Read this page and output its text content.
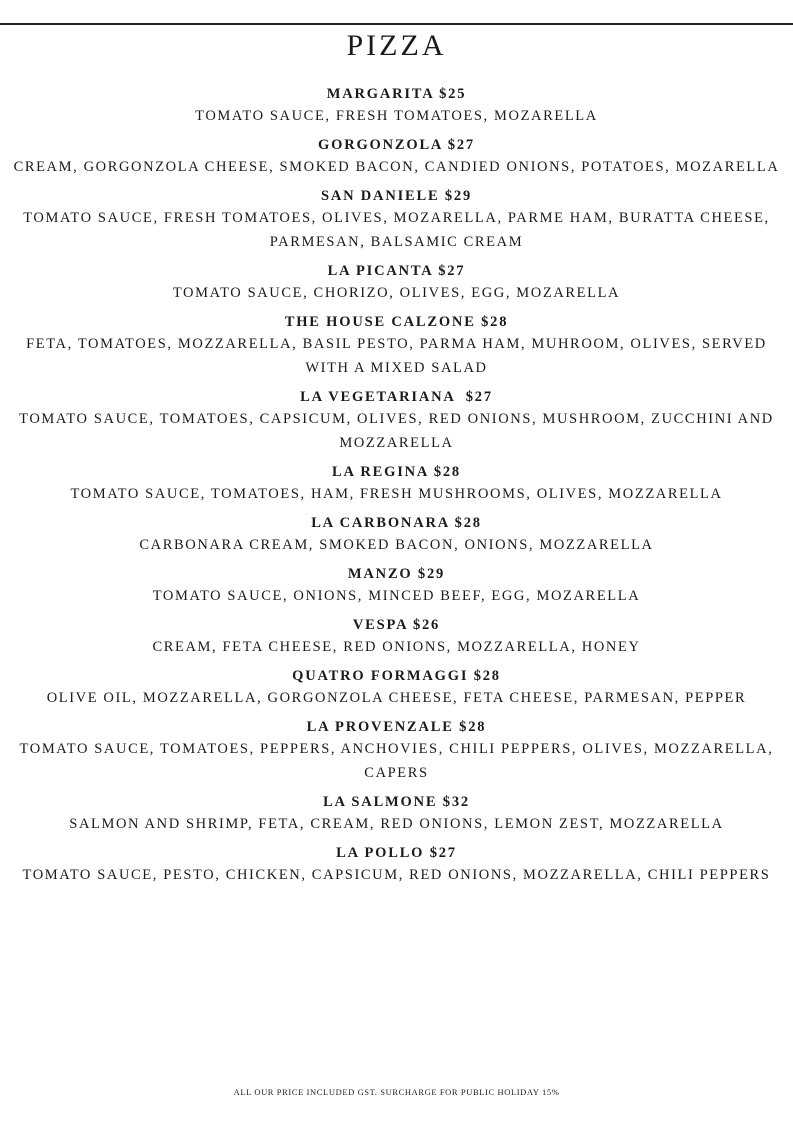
PIZZA
MARGARITA $25
TOMATO SAUCE, FRESH TOMATOES, MOZARELLA
GORGONZOLA $27
CREAM, GORGONZOLA CHEESE, SMOKED BACON, CANDIED ONIONS, POTATOES, MOZARELLA
SAN DANIELE $29
TOMATO SAUCE, FRESH TOMATOES, OLIVES, MOZARELLA, PARME HAM, BURATTA CHEESE, PARMESAN, BALSAMIC CREAM
LA PICANTA $27
TOMATO SAUCE, CHORIZO, OLIVES, EGG, MOZARELLA
THE HOUSE CALZONE $28
FETA, TOMATOES, MOZZARELLA, BASIL PESTO, PARMA HAM, MUHROOM, OLIVES, SERVED WITH A MIXED SALAD
LA VEGETARIANA  $27
TOMATO SAUCE, TOMATOES, CAPSICUM, OLIVES, RED ONIONS, MUSHROOM, ZUCCHINI AND MOZZARELLA
LA REGINA $28
TOMATO SAUCE, TOMATOES, HAM, FRESH MUSHROOMS, OLIVES, MOZZARELLA
LA CARBONARA $28
CARBONARA CREAM, SMOKED BACON, ONIONS, MOZZARELLA
MANZO $29
TOMATO SAUCE, ONIONS, MINCED BEEF, EGG, MOZARELLA
VESPA $26
CREAM, FETA CHEESE, RED ONIONS, MOZZARELLA, HONEY
QUATRO FORMAGGI $28
OLIVE OIL, MOZZARELLA, GORGONZOLA CHEESE, FETA CHEESE, PARMESAN, PEPPER
LA PROVENZALE $28
TOMATO SAUCE, TOMATOES, PEPPERS, ANCHOVIES, CHILI PEPPERS, OLIVES, MOZZARELLA, CAPERS
LA SALMONE $32
SALMON AND SHRIMP, FETA, CREAM, RED ONIONS, LEMON ZEST, MOZZARELLA
LA POLLO $27
TOMATO SAUCE, PESTO, CHICKEN, CAPSICUM, RED ONIONS, MOZZARELLA, CHILI PEPPERS
ALL OUR PRICE INCLUDED GST. SURCHARGE FOR PUBLIC HOLIDAY 15%
